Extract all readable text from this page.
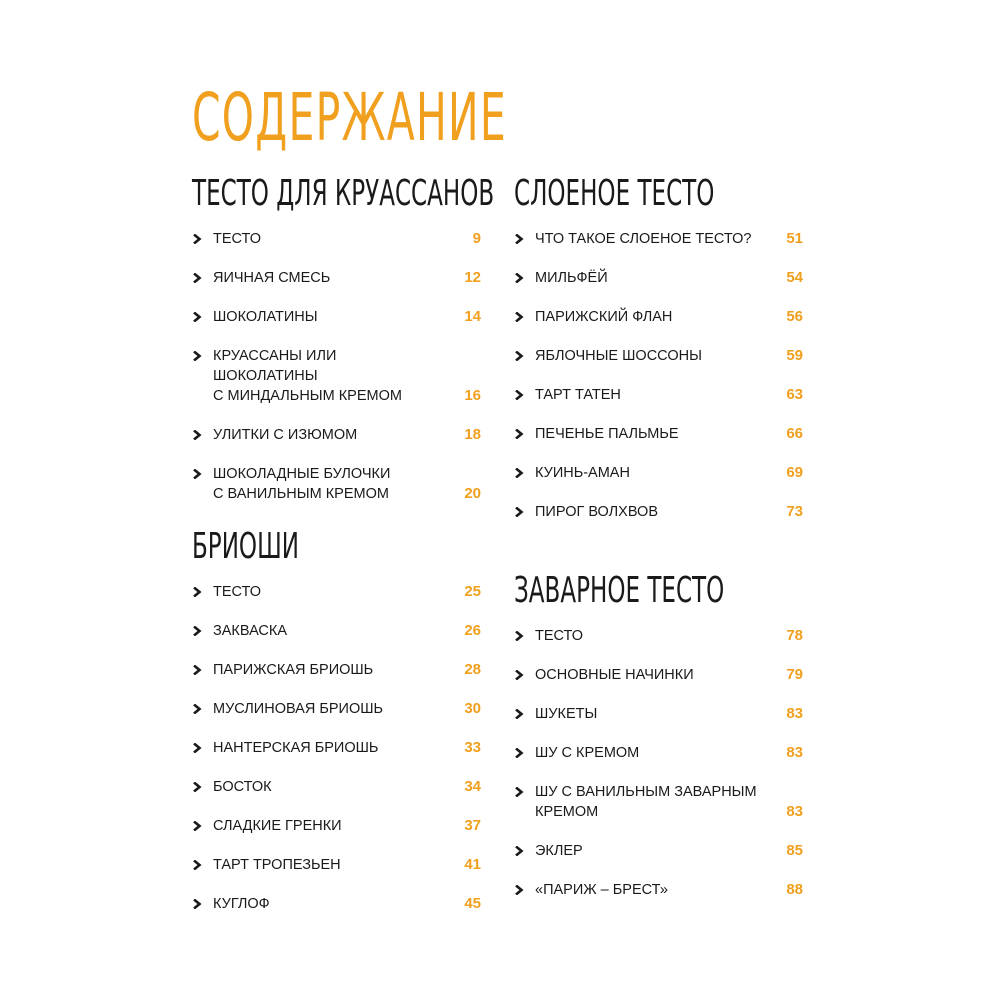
СОДЕРЖАНИЕ
ТЕСТО ДЛЯ КРУАССАНОВ
ТЕСТО	9
ЯИЧНАЯ СМЕСЬ	12
ШОКОЛАТИНЫ	14
КРУАССАНЫ ИЛИ ШОКОЛАТИНЫ
С МИНДАЛЬНЫМ КРЕМОМ	16
УЛИТКИ С ИЗЮМОМ	18
ШОКОЛАДНЫЕ БУЛОЧКИ
С ВАНИЛЬНЫМ КРЕМОМ	20
БРИОШИ
ТЕСТО	25
ЗАКВАСКА	26
ПАРИЖСКАЯ БРИОШЬ	28
МУСЛИНОВАЯ БРИОШЬ	30
НАНТЕРСКАЯ БРИОШЬ	33
БОСТОК	34
СЛАДКИЕ ГРЕНКИ	37
ТАРТ ТРОПЕЗЬЕН	41
КУГЛОФ	45
СЛОЕНОЕ ТЕСТО
ЧТО ТАКОЕ СЛОЕНОЕ ТЕСТО?	51
МИЛЬФЁЙ	54
ПАРИЖСКИЙ ФЛАН	56
ЯБЛОЧНЫЕ ШОССОНЫ	59
ТАРТ ТАТЕН	63
ПЕЧЕНЬЕ ПАЛЬМЬЕ	66
КУИНЬ-АМАН	69
ПИРОГ ВОЛХВОВ	73
ЗАВАРНОЕ ТЕСТО
ТЕСТО	78
ОСНОВНЫЕ НАЧИНКИ	79
ШУКЕТЫ	83
ШУ С КРЕМОМ	83
ШУ С ВАНИЛЬНЫМ ЗАВАРНЫМ
КРЕМОМ	83
ЭКЛЕР	85
«ПАРИЖ – БРЕСТ»	88
